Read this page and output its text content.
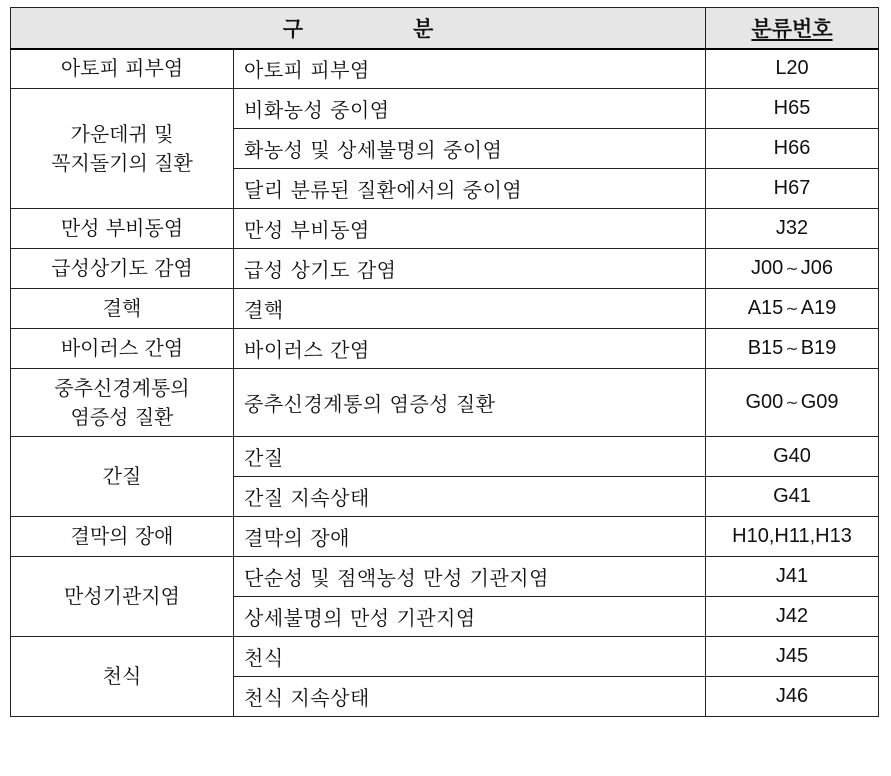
구 분		분류번호
아토피 피부염	아토피 피부염	L20
가운데귀 및
꼭지돌기의 질환	비화농성 중이염	H65
	화농성 및 상세불명의 중이염	H66
	달리 분류된 질환에서의 중이염	H67
만성 부비동염	만성 부비동염	J32
급성상기도 감염	급성 상기도 감염	J00 ~ J06
결핵	결핵	A15 ~ A19
바이러스 간염	바이러스 간염	B15 ~ B19
중추신경계통의
염증성 질환	중추신경계통의 염증성 질환	G00 ~ G09
간질	간질	G40
	간질 지속상태	G41
결막의 장애	결막의 장애	H10,H11,H13
만성기관지염	단순성 및 점액농성 만성 기관지염	J41
	상세불명의 만성 기관지염	J42
천식	천식	J45
	천식 지속상태	J46
